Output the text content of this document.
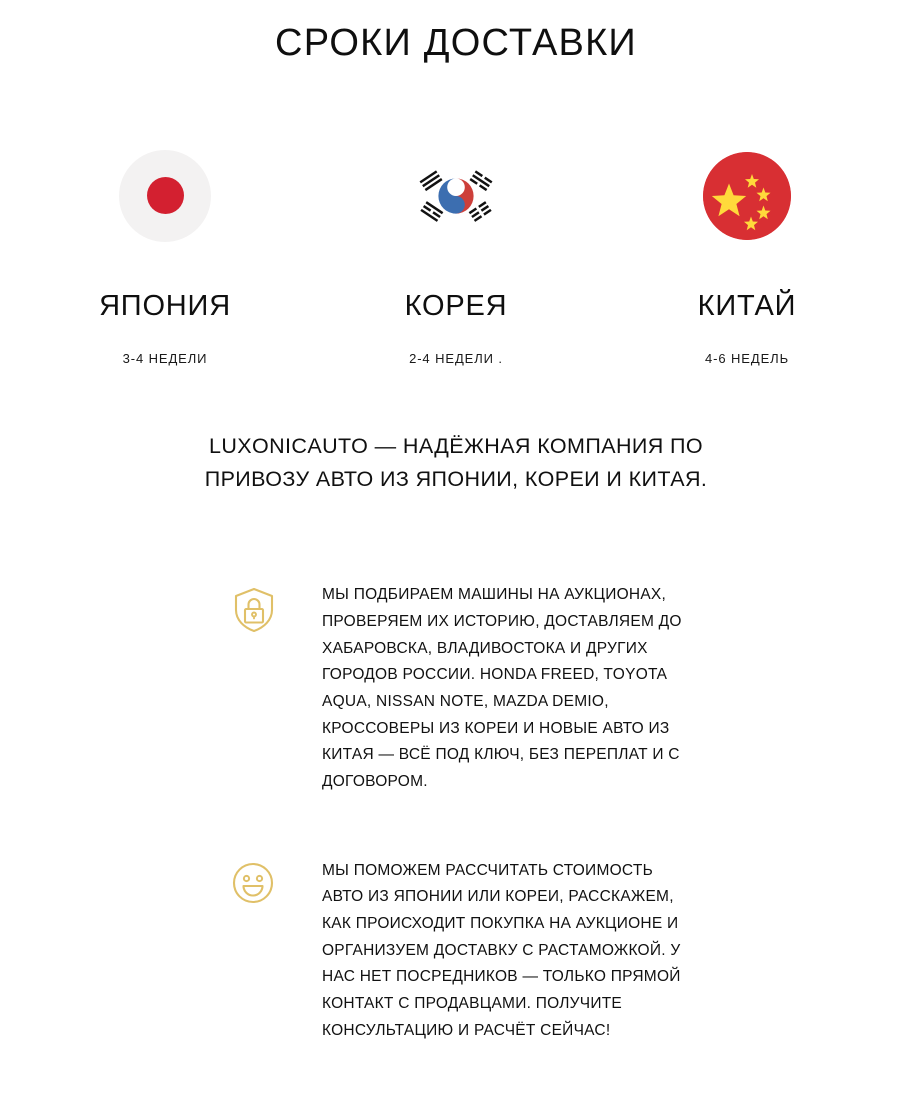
СРОКИ ДОСТАВКИ
ЯПОНИЯ
3-4 НЕДЕЛИ
КОРЕЯ
2-4 НЕДЕЛИ .
КИТАЙ
4-6 НЕДЕЛЬ
LUXONICAUTO — НАДЁЖНАЯ КОМПАНИЯ ПО ПРИВОЗУ АВТО ИЗ ЯПОНИИ, КОРЕИ И КИТАЯ.
МЫ ПОДБИРАЕМ МАШИНЫ НА АУКЦИОНАХ, ПРОВЕРЯЕМ ИХ ИСТОРИЮ, ДОСТАВЛЯЕМ ДО ХАБАРОВСКА, ВЛАДИВОСТОКА И ДРУГИХ ГОРОДОВ РОССИИ. HONDA FREED, TOYOTA AQUA, NISSAN NOTE, MAZDA DEMIO, КРОССОВЕРЫ ИЗ КОРЕИ И НОВЫЕ АВТО ИЗ КИТАЯ — ВСЁ ПОД КЛЮЧ, БЕЗ ПЕРЕПЛАТ И С ДОГОВОРОМ.
МЫ ПОМОЖЕМ РАССЧИТАТЬ СТОИМОСТЬ АВТО ИЗ ЯПОНИИ ИЛИ КОРЕИ, РАССКАЖЕМ, КАК ПРОИСХОДИТ ПОКУПКА НА АУКЦИОНЕ И ОРГАНИЗУЕМ ДОСТАВКУ С РАСТАМОЖКОЙ. У НАС НЕТ ПОСРЕДНИКОВ — ТОЛЬКО ПРЯМОЙ КОНТАКТ С ПРОДАВЦАМИ. ПОЛУЧИТЕ КОНСУЛЬТАЦИЮ И РАСЧЁТ СЕЙЧАС!
